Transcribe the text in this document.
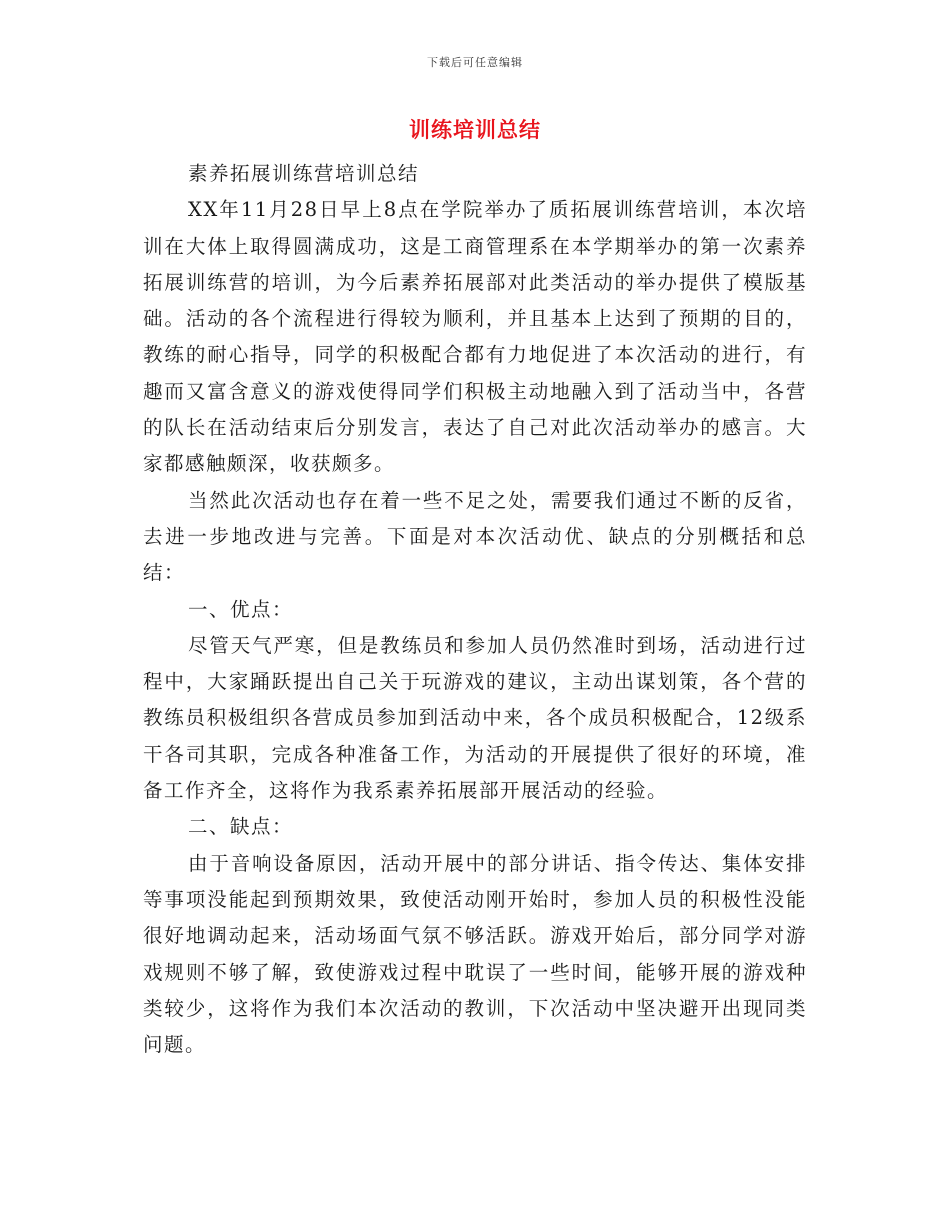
下载后可任意编辑
训练培训总结

素养拓展训练营培训总结

XX年11月28日早上8点在学院举办了质拓展训练营培训，本次培训在大体上取得圆满成功，这是工商管理系在本学期举办的第一次素养拓展训练营的培训，为今后素养拓展部对此类活动的举办提供了模版基础。活动的各个流程进行得较为顺利，并且基本上达到了预期的目的，教练的耐心指导，同学的积极配合都有力地促进了本次活动的进行，有趣而又富含意义的游戏使得同学们积极主动地融入到了活动当中，各营的队长在活动结束后分别发言，表达了自己对此次活动举办的感言。大家都感触颇深，收获颇多。

当然此次活动也存在着一些不足之处，需要我们通过不断的反省，去进一步地改进与完善。下面是对本次活动优、缺点的分别概括和总结：

一、优点：

尽管天气严寒，但是教练员和参加人员仍然准时到场，活动进行过程中，大家踊跃提出自己关于玩游戏的建议，主动出谋划策，各个营的教练员积极组织各营成员参加到活动中来，各个成员积极配合，12级系干各司其职，完成各种准备工作，为活动的开展提供了很好的环境，准备工作齐全，这将作为我系素养拓展部开展活动的经验。

二、缺点：

由于音响设备原因，活动开展中的部分讲话、指令传达、集体安排等事项没能起到预期效果，致使活动刚开始时，参加人员的积极性没能很好地调动起来，活动场面气氛不够活跃。游戏开始后，部分同学对游戏规则不够了解，致使游戏过程中耽误了一些时间，能够开展的游戏种类较少，这将作为我们本次活动的教训，下次活动中坚决避开出现同类问题。
